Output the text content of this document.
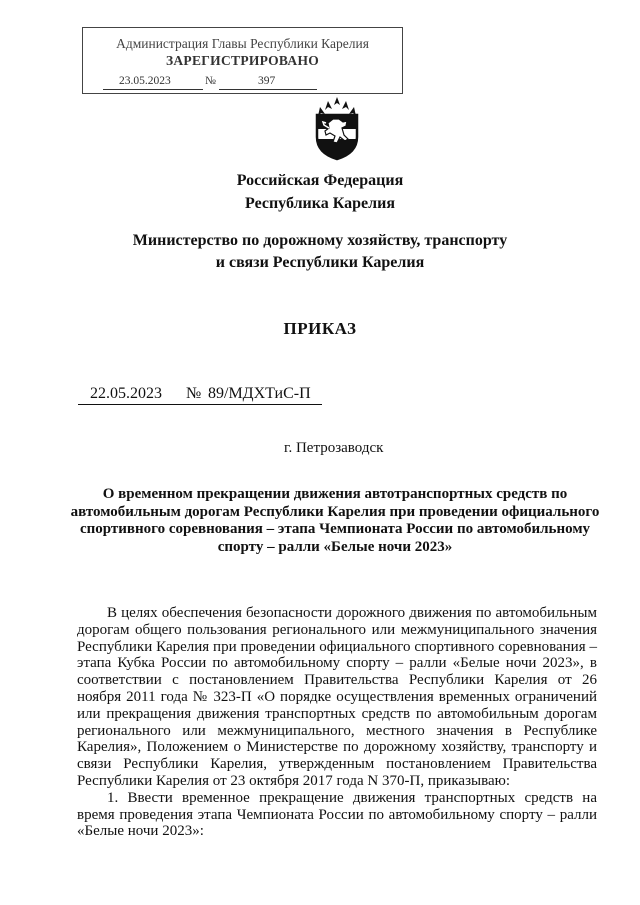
Администрация Главы Республики Карелия
ЗАРЕГИСТРИРОВАНО
23.05.2023	№	397
Российская Федерация
Республика Карелия
Министерство по дорожному хозяйству, транспорту
и связи Республики Карелия
ПРИКАЗ
22.05.2023 № 89/МДХТиС-П
г. Петрозаводск
О временном прекращении движения автотранспортных средств по автомобильным дорогам Республики Карелия при проведении официального спортивного соревнования – этапа Чемпионата России по автомобильному спорту – ралли «Белые ночи 2023»

В целях обеспечения безопасности дорожного движения по автомобильным дорогам общего пользования регионального или межмуниципального значения Республики Карелия при проведении официального спортивного соревнования – этапа Кубка России по автомобильному спорту – ралли «Белые ночи 2023», в соответствии с постановлением Правительства Республики Карелия от 26 ноября 2011 года № 323-П «О порядке осуществления временных ограничений или прекращения движения транспортных средств по автомобильным дорогам регионального или межмуниципального, местного значения в Республике Карелия», Положением о Министерстве по дорожному хозяйству, транспорту и связи Республики Карелия, утвержденным постановлением Правительства Республики Карелия от 23 октября 2017 года N 370-П, приказываю:

1. Ввести временное прекращение движения транспортных средств на время проведения этапа Чемпионата России по автомобильному спорту – ралли «Белые ночи 2023»:
